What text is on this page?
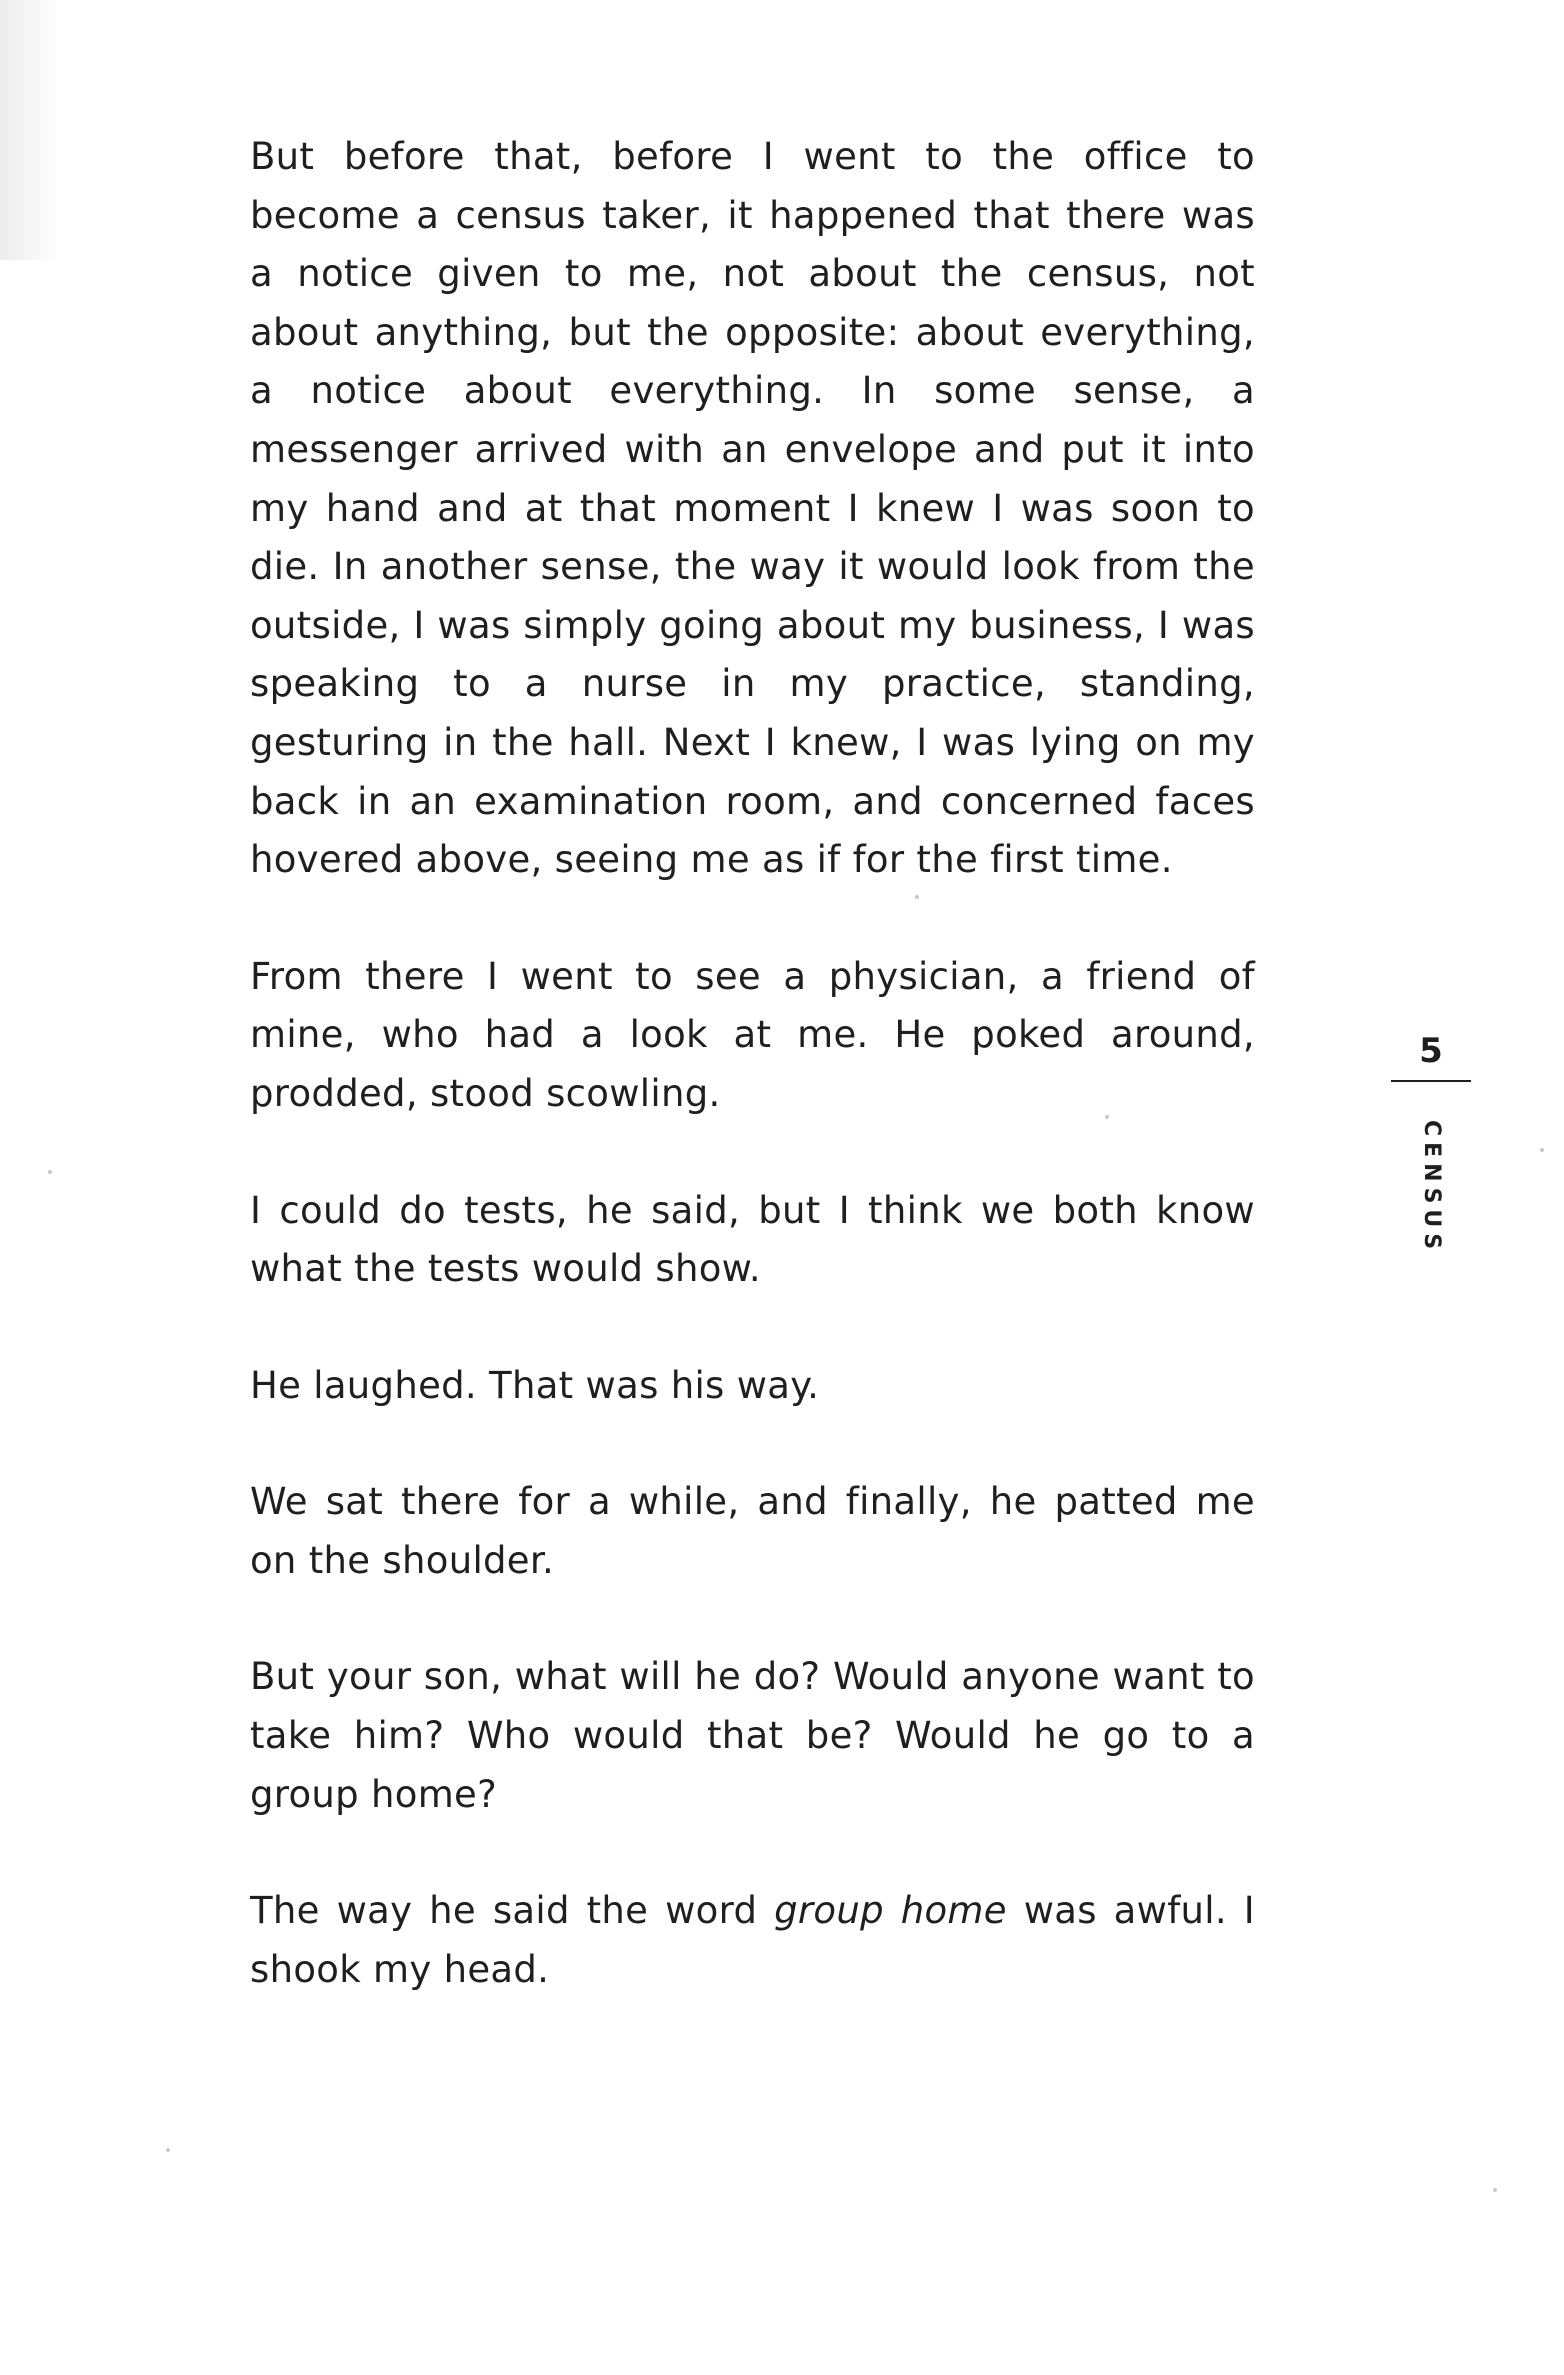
But before that, before I went to the office to become a census taker, it happened that there was a notice given to me, not about the census, not about anything, but the opposite: about everything, a notice about everything. In some sense, a messenger arrived with an envelope and put it into my hand and at that moment I knew I was soon to die. In another sense, the way it would look from the outside, I was simply going about my business, I was speaking to a nurse in my practice, standing, gesturing in the hall. Next I knew, I was lying on my back in an examination room, and concerned faces hovered above, seeing me as if for the first time.

From there I went to see a physician, a friend of mine, who had a look at me. He poked around, prodded, stood scowling.

I could do tests, he said, but I think we both know what the tests would show.

He laughed. That was his way.

We sat there for a while, and finally, he patted me on the shoulder.

But your son, what will he do? Would anyone want to take him? Who would that be? Would he go to a group home?

The way he said the word group home was awful. I shook my head.

5
CENSUS
